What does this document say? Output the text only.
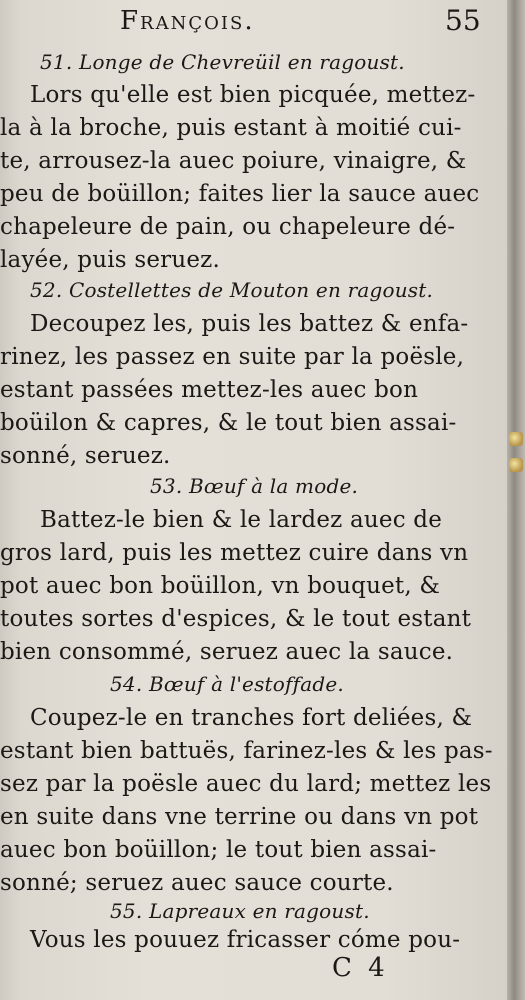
François.	55
51. Longe de Chevreüil en ragoust.
Lors qu'elle est bien picquée, mettez-
la à la broche, puis estant à moitié cui-
te, arrousez-la auec poiure, vinaigre, &
peu de boüillon; faites lier la sauce auec
chapeleure de pain, ou chapeleure dé-
layée, puis seruez.
52. Costellettes de Mouton en ragoust.
Decoupez les, puis les battez & enfa-
rinez, les passez en suite par la poësle,
estant passées mettez-les auec bon
boüilon & capres, & le tout bien assai-
sonné, seruez.
53. Bœuf à la mode.
Battez-le bien & le lardez auec de
gros lard, puis les mettez cuire dans vn
pot auec bon boüillon, vn bouquet, &
toutes sortes d'espices, & le tout estant
bien consommé, seruez auec la sauce.
54. Bœuf à l'estoffade.
Coupez-le en tranches fort deliées, &
estant bien battuës, farinez-les & les pas-
sez par la poësle auec du lard; mettez les
en suite dans vne terrine ou dans vn pot
auec bon boüillon; le tout bien assai-
sonné; seruez auec sauce courte.
55. Lapreaux en ragoust.
Vous les pouuez fricasser cóme pou-
C 4
